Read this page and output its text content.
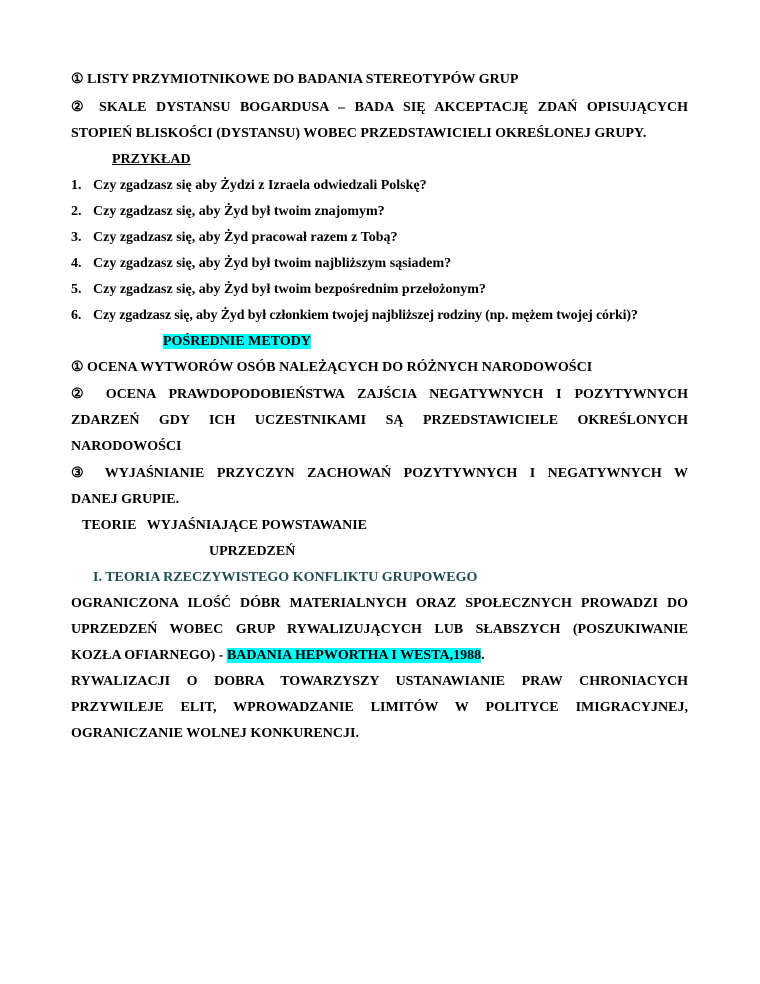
① LISTY PRZYMIOTNIKOWE DO BADANIA STEREOTYPÓW GRUP
② SKALE DYSTANSU BOGARDUSA – BADA SIĘ AKCEPTACJĘ ZDAŃ OPISUJĄCYCH
STOPIEŃ BLISKOŚCI (DYSTANSU) WOBEC PRZEDSTAWICIELI OKREŚLONEJ GRUPY.
PRZYKŁAD
1. Czy zgadzasz się aby Żydzi z Izraela odwiedzali Polskę?
2. Czy zgadzasz się, aby Żyd był twoim znajomym?
3. Czy zgadzasz się, aby Żyd pracował razem z Tobą?
4. Czy zgadzasz się, aby Żyd był twoim najbliższym sąsiadem?
5. Czy zgadzasz się, aby Żyd był twoim bezpośrednim przełożonym?
6. Czy zgadzasz się, aby Żyd był członkiem twojej najbliższej rodziny (np. mężem twojej córki)?
POŚREDNIE METODY
① OCENA WYTWORÓW OSÓB NALEŻĄCYCH DO RÓŻNYCH NARODOWOŚCI
② OCENA PRAWDOPODOBIEŃSTWA ZAJŚCIA NEGATYWNYCH I POZYTYWNYCH
ZDARZEŃ GDY ICH UCZESTNIKAMI SĄ PRZEDSTAWICIELE OKREŚLONYCH
NARODOWOŚCI
③ WYJAŚNIANIE PRZYCZYN ZACHOWAŃ POZYTYWNYCH I NEGATYWNYCH W
DANEJ GRUPIE.
TEORIE   WYJAŚNIAJĄCE POWSTAWANIE
UPRZEDZEŃ
I. TEORIA RZECZYWISTEGO KONFLIKTU GRUPOWEGO
OGRANICZONA ILOŚĆ DÓBR MATERIALNYCH ORAZ SPOŁECZNYCH PROWADZI DO
UPRZEDZEŃ WOBEC GRUP RYWALIZUJĄCYCH LUB SŁABSZYCH (POSZUKIWANIE
KOZŁA OFIARNEGO) - BADANIA HEPWORTHA I WESTA,1988.
RYWALIZACJI O DOBRA TOWARZYSZY USTANAWIANIE PRAW CHRONIACYCH
PRZYWILEJE ELIT, WPROWADZANIE LIMITÓW W POLITYCE IMIGRACYJNEJ,
OGRANICZANIE WOLNEJ KONKURENCJI.
